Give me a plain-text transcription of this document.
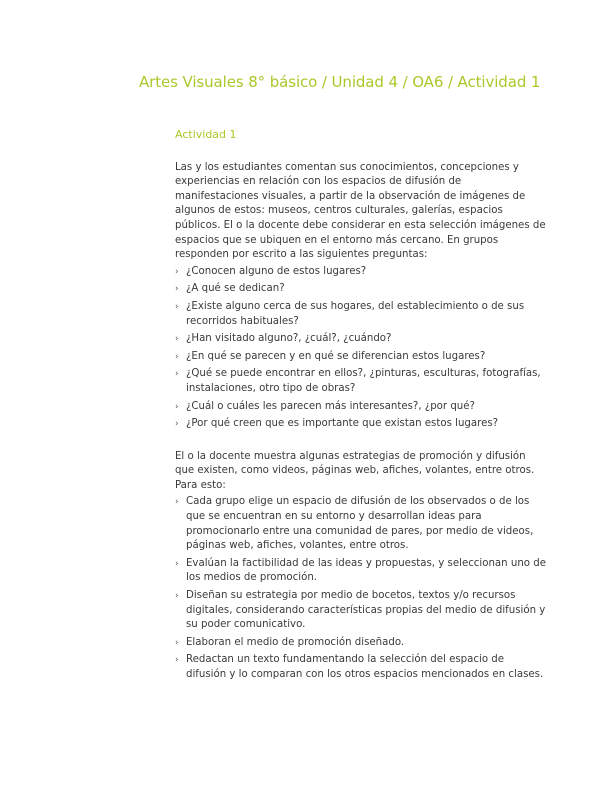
Artes Visuales 8° básico / Unidad 4 / OA6 / Actividad 1
Actividad 1

Las y los estudiantes comentan sus conocimientos, concepciones y experiencias en relación con los espacios de difusión de manifestaciones visuales, a partir de la observación de imágenes de algunos de estos: museos, centros culturales, galerías, espacios públicos. El o la docente debe considerar en esta selección imágenes de espacios que se ubiquen en el entorno más cercano. En grupos responden por escrito a las siguientes preguntas:

› ¿Conocen alguno de estos lugares?
› ¿A qué se dedican?
› ¿Existe alguno cerca de sus hogares, del establecimiento o de sus recorridos habituales?
› ¿Han visitado alguno?, ¿cuál?, ¿cuándo?
› ¿En qué se parecen y en qué se diferencian estos lugares?
› ¿Qué se puede encontrar en ellos?, ¿pinturas, esculturas, fotografías, instalaciones, otro tipo de obras?
› ¿Cuál o cuáles les parecen más interesantes?, ¿por qué?
› ¿Por qué creen que es importante que existan estos lugares?

El o la docente muestra algunas estrategias de promoción y difusión que existen, como videos, páginas web, afiches, volantes, entre otros. Para esto:

› Cada grupo elige un espacio de difusión de los observados o de los que se encuentran en su entorno y desarrollan ideas para promocionarlo entre una comunidad de pares, por medio de videos, páginas web, afiches, volantes, entre otros.
› Evalúan la factibilidad de las ideas y propuestas, y seleccionan uno de los medios de promoción.
› Diseñan su estrategia por medio de bocetos, textos y/o recursos digitales, considerando características propias del medio de difusión y su poder comunicativo.
› Elaboran el medio de promoción diseñado.
› Redactan un texto fundamentando la selección del espacio de difusión y lo comparan con los otros espacios mencionados en clases.
